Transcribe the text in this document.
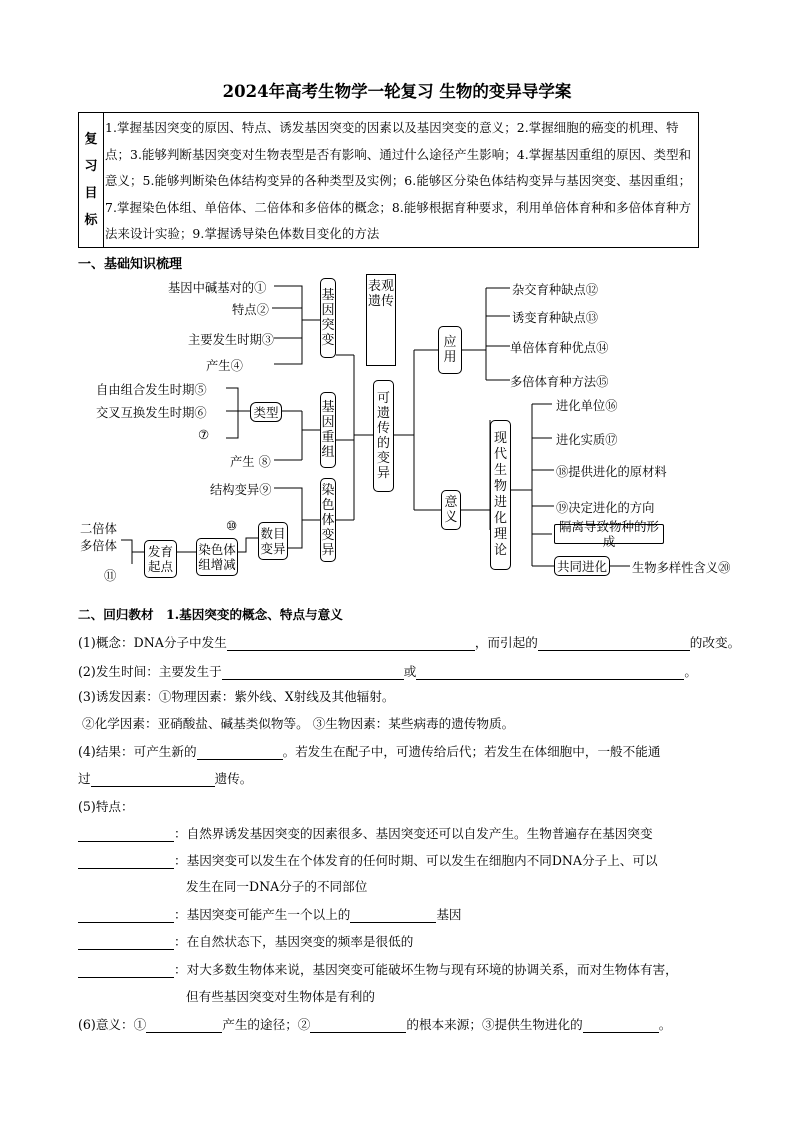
2024年高考生物学一轮复习 生物的变异导学案
复
习
目
标
1.掌握基因突变的原因、特点、诱发基因突变的因素以及基因突变的意义；2.掌握细胞的癌变的机理、特点；3.能够判断基因突变对生物表型是否有影响、通过什么途径产生影响；4.掌握基因重组的原因、类型和意义；5.能够判断染色体结构变异的各种类型及实例；6.能够区分染色体结构变异与基因突变、基因重组；7.掌握染色体组、单倍体、二倍体和多倍体的概念；8.能够根据育种要求，利用单倍体育种和多倍体育种方法来设计实验；9.掌握诱导染色体数目变化的方法
一、基础知识梳理
基因中碱基对的①
特点②
主要发生时期③
产生④
自由组合发生时期⑤
交叉互换发生时期⑥
⑦
产生 ⑧
结构变异⑨
二倍体
多倍体
⑪
⑩
基因突变
类型	基因重组
染色体变异
数目
变异
染色体
组增减
发育
起点
可遗传的变异
表观遗传
应用
意义
现代生物进化理论
隔离导致物种的形成
共同进化
杂交育种缺点⑫
诱变育种缺点⑬
单倍体育种优点⑭
多倍体育种方法⑮
进化单位⑯
进化实质⑰
⑱提供进化的原材料
⑲决定进化的方向
生物多样性含义⑳
二、回归教材 1.基因突变的概念、特点与意义
(1)概念：DNA分子中发生	，而引起的	的改变。
(2)发生时间：主要发生于	或	。
(3)诱发因素：①物理因素：紫外线、X射线及其他辐射。
②化学因素：亚硝酸盐、碱基类似物等。 ③生物因素：某些病毒的遗传物质。
(4)结果：可产生新的	。若发生在配子中，可遗传给后代；若发生在体细胞中，一般不能通
过	遗传。
(5)特点：
：自然界诱发基因突变的因素很多、基因突变还可以自发产生。生物普遍存在基因突变
：基因突变可以发生在个体发育的任何时期、可以发生在细胞内不同DNA分子上、可以
发生在同一DNA分子的不同部位
：基因突变可能产生一个以上的	基因
：在自然状态下，基因突变的频率是很低的
：对大多数生物体来说，基因突变可能破坏生物与现有环境的协调关系，而对生物体有害，
但有些基因突变对生物体是有利的
(6)意义：①	产生的途径；②	的根本来源；③提供生物进化的	。
